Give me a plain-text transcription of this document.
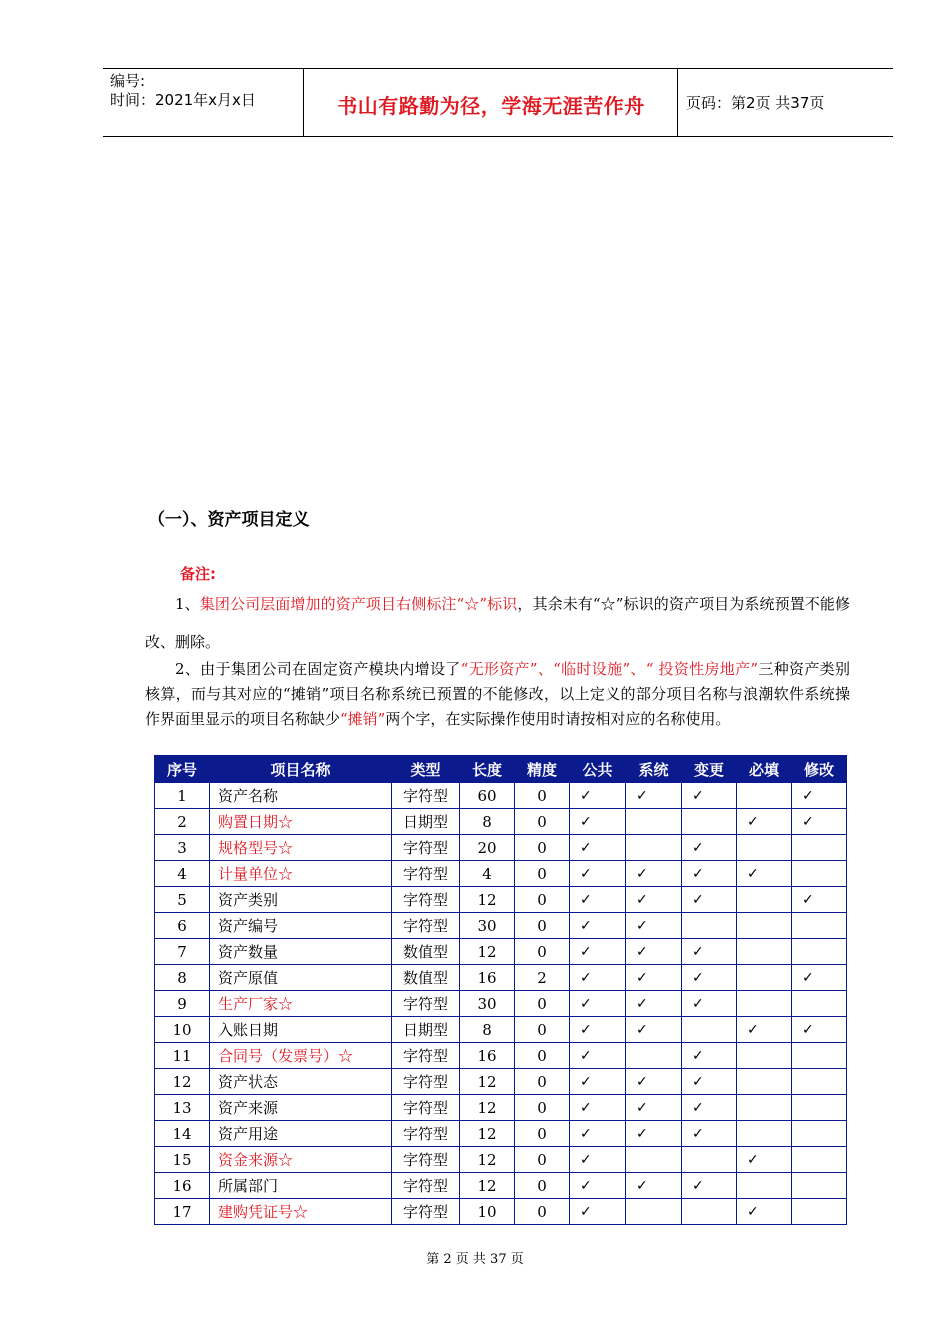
编号:
时间：2021年x月x日	书山有路勤为径，学海无涯苦作舟	页码：第2页 共37页
（一）、资产项目定义
备注:
1、集团公司层面增加的资产项目右侧标注“☆”标识，其余未有“☆”标识的资产项目为系统预置不能修改、删除。
2、由于集团公司在固定资产模块内增设了“无形资产”、“临时设施”、“ 投资性房地产”三种资产类别核算，而与其对应的“摊销”项目名称系统已预置的不能修改，以上定义的部分项目名称与浪潮软件系统操作界面里显示的项目名称缺少“摊销”两个字，在实际操作使用时请按相对应的名称使用。
序号	项目名称	类型	长度	精度	公共	系统	变更	必填	修改
1	资产名称	字符型	60	0	✓	✓	✓		✓
2	购置日期☆	日期型	8	0	✓			✓	✓
3	规格型号☆	字符型	20	0	✓		✓		
4	计量单位☆	字符型	4	0	✓	✓	✓	✓	
5	资产类别	字符型	12	0	✓	✓	✓		✓
6	资产编号	字符型	30	0	✓	✓			
7	资产数量	数值型	12	0	✓	✓	✓		
8	资产原值	数值型	16	2	✓	✓	✓		✓
9	生产厂家☆	字符型	30	0	✓	✓	✓		
10	入账日期	日期型	8	0	✓	✓		✓	✓
11	合同号（发票号）☆	字符型	16	0	✓		✓		
12	资产状态	字符型	12	0	✓	✓	✓		
13	资产来源	字符型	12	0	✓	✓	✓		
14	资产用途	字符型	12	0	✓	✓	✓		
15	资金来源☆	字符型	12	0	✓			✓	
16	所属部门	字符型	12	0	✓	✓	✓		
17	建购凭证号☆	字符型	10	0	✓			✓	
第 2 页 共 37 页
